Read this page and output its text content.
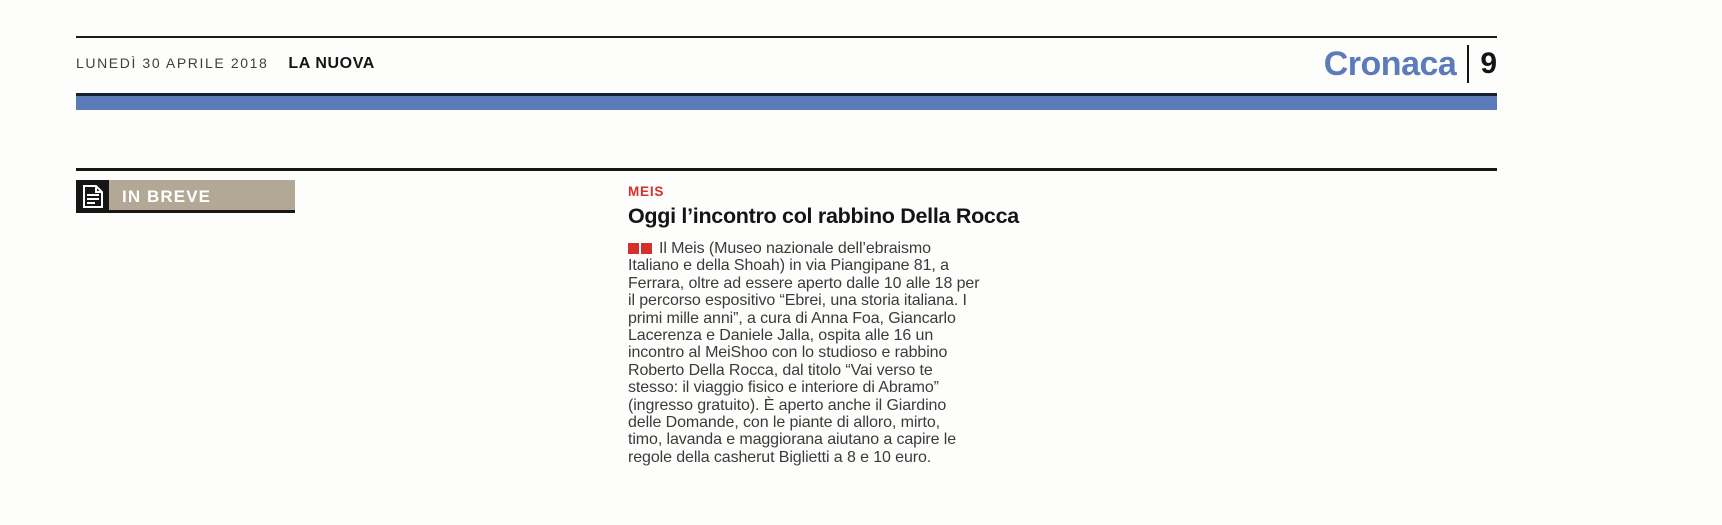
LUNEDÌ 30 APRILE 2018 LA NUOVA	Cronaca 9
IN BREVE	MEIS
Oggi l’incontro col rabbino Della Rocca
Il Meis (Museo nazionale dell’ebraismo
Italiano e della Shoah) in via Piangipane 81, a
Ferrara, oltre ad essere aperto dalle 10 alle 18 per
il percorso espositivo “Ebrei, una storia italiana. I
primi mille anni”, a cura di Anna Foa, Giancarlo
Lacerenza e Daniele Jalla, ospita alle 16 un
incontro al MeiShoo con lo studioso e rabbino
Roberto Della Rocca, dal titolo “Vai verso te
stesso: il viaggio fisico e interiore di Abramo”
(ingresso gratuito). È aperto anche il Giardino
delle Domande, con le piante di alloro, mirto,
timo, lavanda e maggiorana aiutano a capire le
regole della casherut Biglietti a 8 e 10 euro.
